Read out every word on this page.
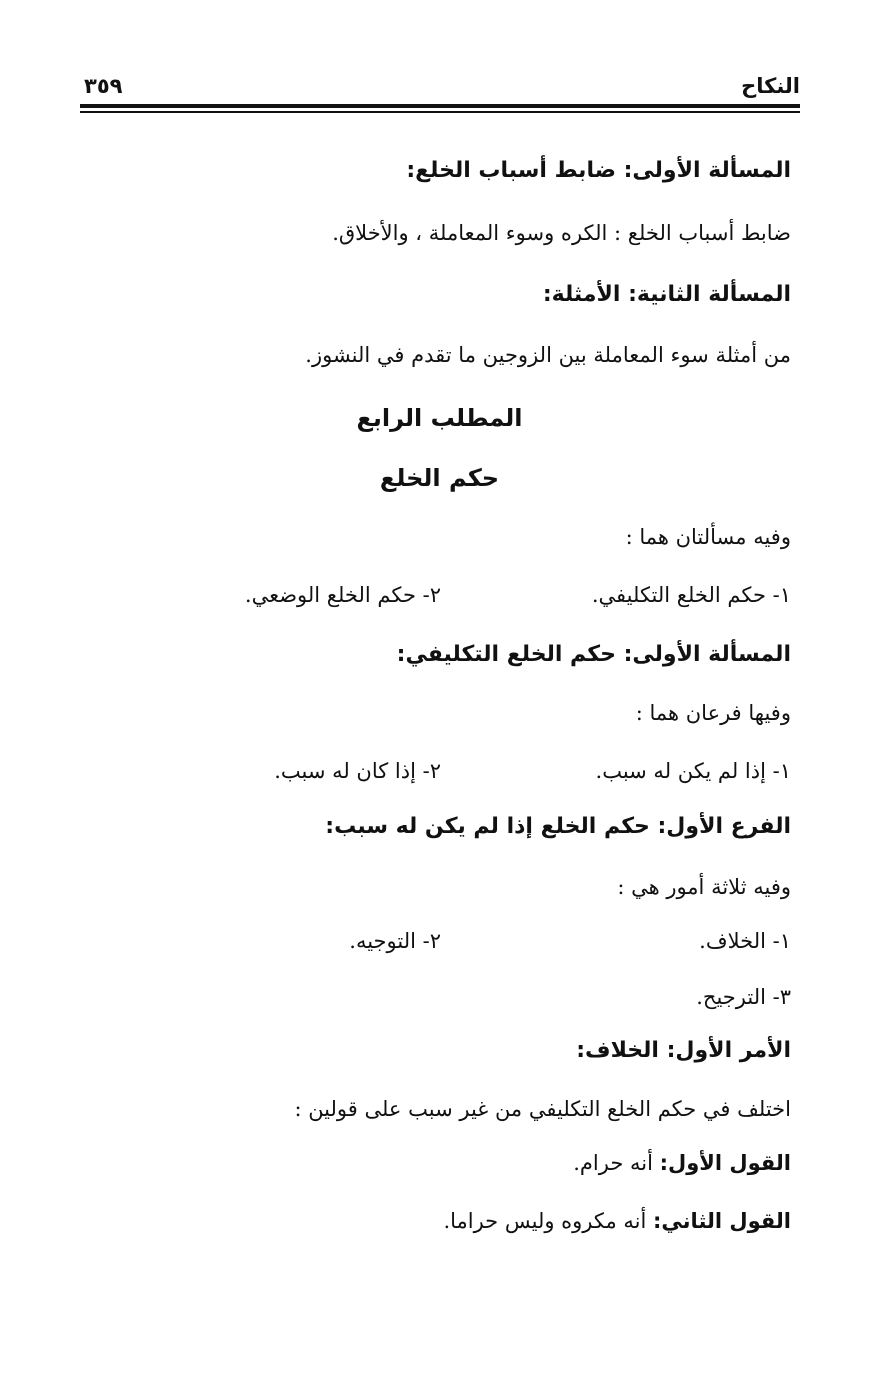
النكاح
٣٥٩
المسألة الأولى: ضابط أسباب الخلع:
ضابط أسباب الخلع : الكره وسوء المعاملة ، والأخلاق.
المسألة الثانية: الأمثلة:
من أمثلة سوء المعاملة بين الزوجين ما تقدم في النشوز.
المطلب الرابع
حكم الخلع
وفيه مسألتان هما :
١- حكم الخلع التكليفي.
٢- حكم الخلع الوضعي.
المسألة الأولى: حكم الخلع التكليفي:
وفيها فرعان هما :
١- إذا لم يكن له سبب.
٢- إذا كان له سبب.
الفرع الأول: حكم الخلع إذا لم يكن له سبب:
وفيه ثلاثة أمور هي :
١- الخلاف.
٢- التوجيه.
٣- الترجيح.
الأمر الأول: الخلاف:
اختلف في حكم الخلع التكليفي من غير سبب على قولين :
القول الأول: أنه حرام.
القول الثاني: أنه مكروه وليس حراما.
